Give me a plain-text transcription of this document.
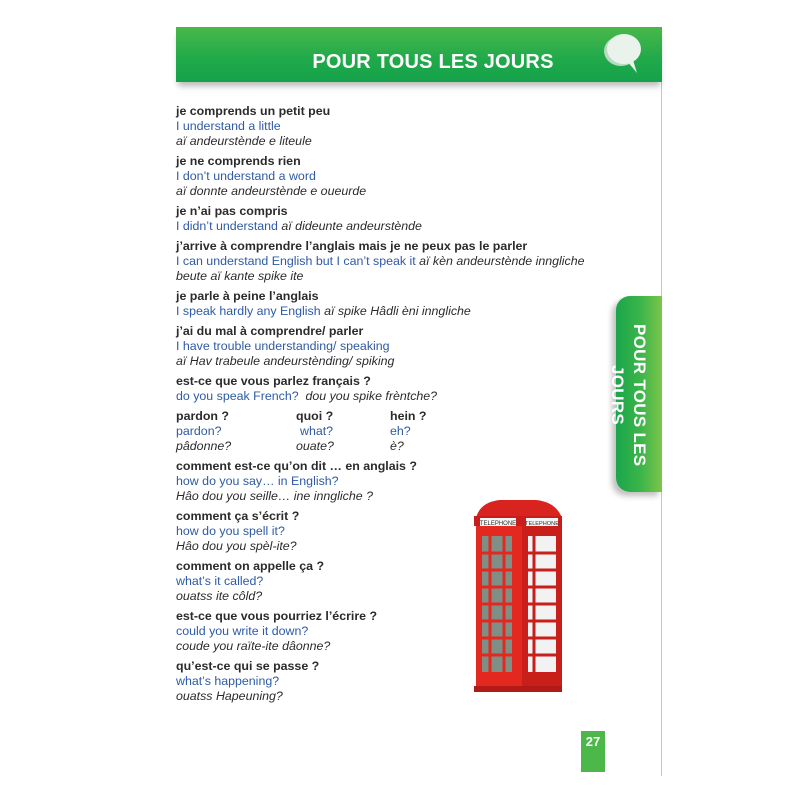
POUR TOUS LES JOURS
POUR TOUS LES JOURS
je comprends un petit peu
I understand a little
aï andeurstènde e liteule
je ne comprends rien
I don’t understand a word
aï donnte andeurstènde e oueurde
je n’ai pas compris
I didn’t understand aï dideunte andeurstènde
j’arrive à comprendre l’anglais mais je ne peux pas le parler
I can understand English but I can’t speak it aï kèn andeurstènde inngliche
beute aï kante spike ite
je parle à peine l’anglais
I speak hardly any English aï spike Hâdli èni inngliche
j’ai du mal à comprendre/ parler
I have trouble understanding/ speaking
aï Hav trabeule andeurstènding/ spiking
est-ce que vous parlez français ?
do you speak French? dou you spike frèntche?
pardon ?	quoi ?	hein ?
pardon?	what?	eh?
pâdonne?	ouate?	è?
comment est-ce qu’on dit … en anglais ?
how do you say… in English?
Hâo dou you seille… ine inngliche ?
comment ça s’écrit ?
how do you spell it?
Hâo dou you spèl-ite?
comment on appelle ça ?
what’s it called?
ouatss ite côld?
est-ce que vous pourriez l’écrire ?
could you write it down?
coude you raïte-ite dâonne?
qu’est-ce qui se passe ?
what’s happening?
ouatss Hapeuning?
TELEPHONE TELEPHONE
27
